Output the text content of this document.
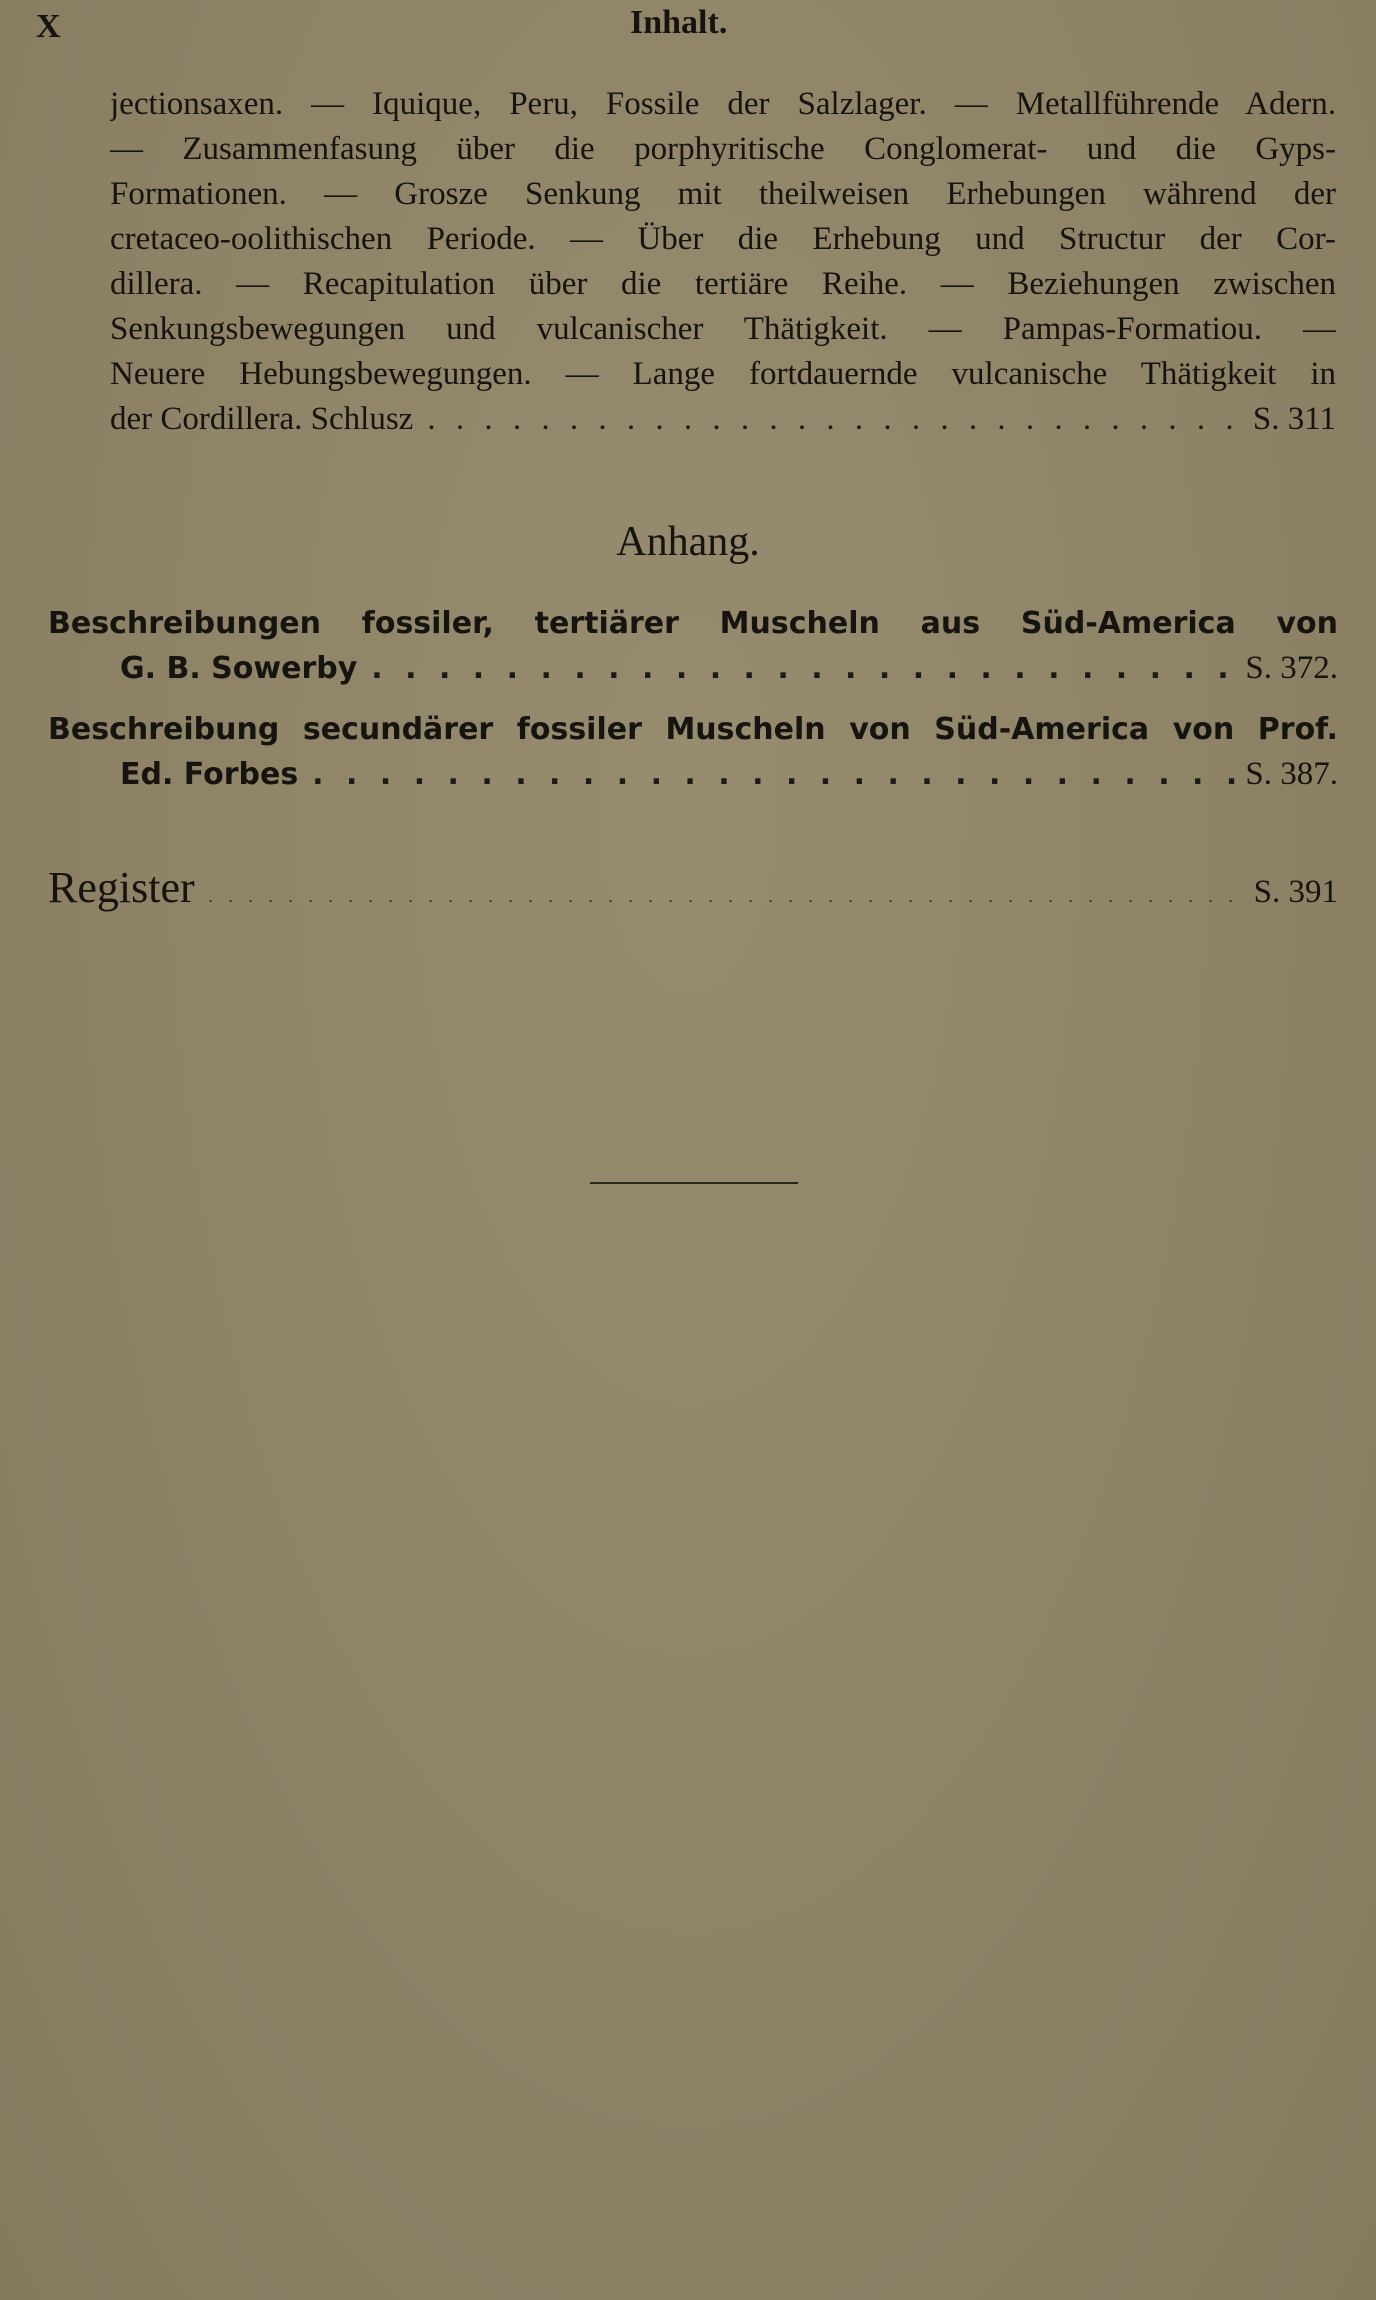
X	Inhalt.
jectionsaxen. — Iquique, Peru, Fossile der Salzlager. — Metallführende Adern.
— Zusammenfasung über die porphyritische Conglomerat- und die Gyps-
Formationen. — Grosze Senkung mit theilweisen Erhebungen während der
cretaceo-oolithischen Periode. — Über die Erhebung und Structur der Cor-
dillera. — Recapitulation über die tertiäre Reihe. — Beziehungen zwischen
Senkungsbewegungen und vulcanischer Thätigkeit. — Pampas-Formatiou. —
Neuere Hebungsbewegungen. — Lange fortdauernde vulcanische Thätigkeit in
der Cordillera. Schlusz . . .	S. 311
Anhang.
Beschreibungen fossiler, tertiärer Muscheln aus Süd-America von
G. B. Sowerby . . .	S. 372.
Beschreibung secundärer fossiler Muscheln von Süd-America von Prof.
Ed. Forbes . . .	S. 387.
Register . . .	S. 391
